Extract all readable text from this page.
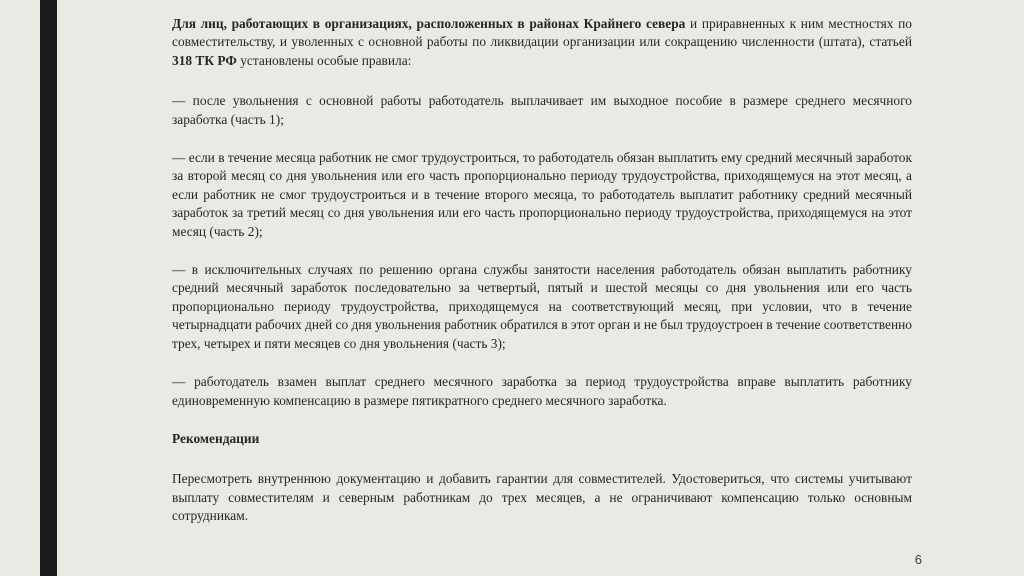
Для лиц, работающих в организациях, расположенных в районах Крайнего севера и приравненных к ним местностях по совместительству, и уволенных с основной работы по ликвидации организации или сокращению численности (штата), статьей 318 ТК РФ установлены особые правила:

— после увольнения с основной работы работодатель выплачивает им выходное пособие в размере среднего месячного заработка (часть 1);

— если в течение месяца работник не смог трудоустроиться, то работодатель обязан выплатить ему средний месячный заработок за второй месяц со дня увольнения или его часть пропорционально периоду трудоустройства, приходящемуся на этот месяц, а если работник не смог трудоустроиться и в течение второго месяца, то работодатель выплатит работнику средний месячный заработок за третий месяц со дня увольнения или его часть пропорционально периоду трудоустройства, приходящемуся на этот месяц (часть 2);

— в исключительных случаях по решению органа службы занятости населения работодатель обязан выплатить работнику средний месячный заработок последовательно за четвертый, пятый и шестой месяцы со дня увольнения или его часть пропорционально периоду трудоустройства, приходящемуся на соответствующий месяц, при условии, что в течение четырнадцати рабочих дней со дня увольнения работник обратился в этот орган и не был трудоустроен в течение соответственно трех, четырех и пяти месяцев со дня увольнения (часть 3);

— работодатель взамен выплат среднего месячного заработка за период трудоустройства вправе выплатить работнику единовременную компенсацию в размере пятикратного среднего месячного заработка.

Рекомендации

Пересмотреть внутреннюю документацию и добавить гарантии для совместителей. Удостовериться, что системы учитывают выплату совместителям и северным работникам до трех месяцев, а не ограничивают компенсацию только основным сотрудникам.

6
